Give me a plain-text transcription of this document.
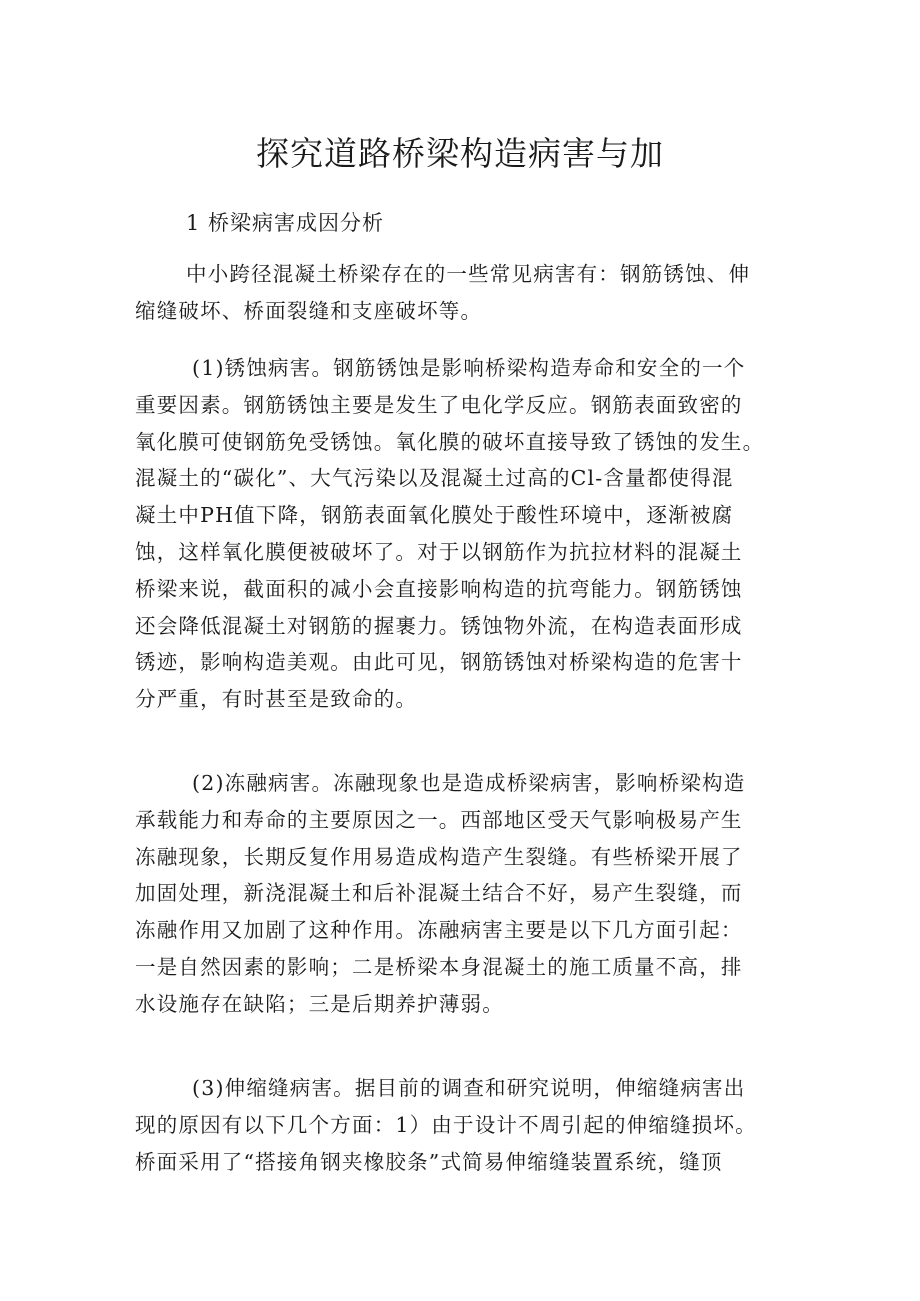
探究道路桥梁构造病害与加
1 桥梁病害成因分析
中小跨径混凝土桥梁存在的一些常见病害有：钢筋锈蚀、伸
缩缝破坏、桥面裂缝和支座破坏等。
(1)锈蚀病害。钢筋锈蚀是影响桥梁构造寿命和安全的一个
重要因素。钢筋锈蚀主要是发生了电化学反应。钢筋表面致密的
氧化膜可使钢筋免受锈蚀。氧化膜的破坏直接导致了锈蚀的发生。
混凝土的“碳化”、大气污染以及混凝土过高的Cl-含量都使得混
凝土中PH值下降，钢筋表面氧化膜处于酸性环境中，逐渐被腐
蚀，这样氧化膜便被破坏了。对于以钢筋作为抗拉材料的混凝土
桥梁来说，截面积的减小会直接影响构造的抗弯能力。钢筋锈蚀
还会降低混凝土对钢筋的握裹力。锈蚀物外流，在构造表面形成
锈迹，影响构造美观。由此可见，钢筋锈蚀对桥梁构造的危害十
分严重，有时甚至是致命的。
(2)冻融病害。冻融现象也是造成桥梁病害，影响桥梁构造
承载能力和寿命的主要原因之一。西部地区受天气影响极易产生
冻融现象，长期反复作用易造成构造产生裂缝。有些桥梁开展了
加固处理，新浇混凝土和后补混凝土结合不好，易产生裂缝，而
冻融作用又加剧了这种作用。冻融病害主要是以下几方面引起：
一是自然因素的影响；二是桥梁本身混凝土的施工质量不高，排
水设施存在缺陷；三是后期养护薄弱。
(3)伸缩缝病害。据目前的调查和研究说明，伸缩缝病害出
现的原因有以下几个方面：1）由于设计不周引起的伸缩缝损坏。
桥面采用了“搭接角钢夹橡胶条”式简易伸缩缝装置系统，缝顶
